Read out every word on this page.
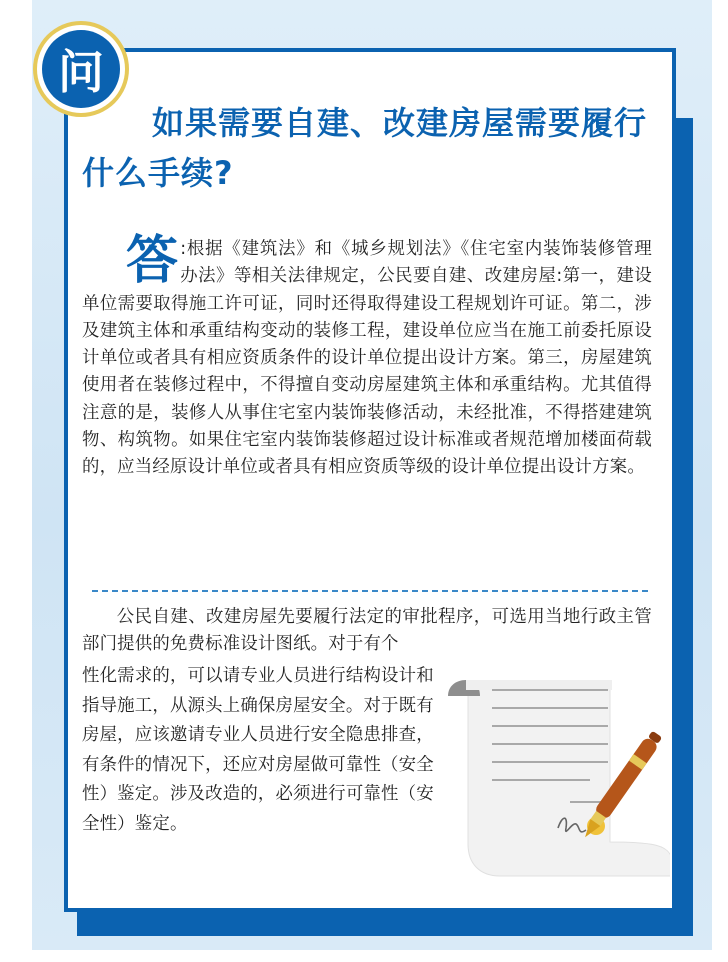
问
如果需要自建、改建房屋需要履行什么手续?
答 :根据《建筑法》和《城乡规划法》《住宅室内装饰装修管理办法》等相关法律规定，公民要自建、改建房屋:第一，建设单位需要取得施工许可证，同时还得取得建设工程规划许可证。第二，涉及建筑主体和承重结构变动的装修工程，建设单位应当在施工前委托原设计单位或者具有相应资质条件的设计单位提出设计方案。第三，房屋建筑使用者在装修过程中，不得擅自变动房屋建筑主体和承重结构。尤其值得注意的是，装修人从事住宅室内装饰装修活动，未经批准，不得搭建建筑物、构筑物。如果住宅室内装饰装修超过设计标准或者规范增加楼面荷载的，应当经原设计单位或者具有相应资质等级的设计单位提出设计方案。
公民自建、改建房屋先要履行法定的审批程序，可选用当地行政主管部门提供的免费标准设计图纸。对于有个
性化需求的，可以请专业人员进行结构设计和指导施工，从源头上确保房屋安全。对于既有房屋，应该邀请专业人员进行安全隐患排查，有条件的情况下，还应对房屋做可靠性（安全性）鉴定。涉及改造的，必须进行可靠性（安全性）鉴定。
